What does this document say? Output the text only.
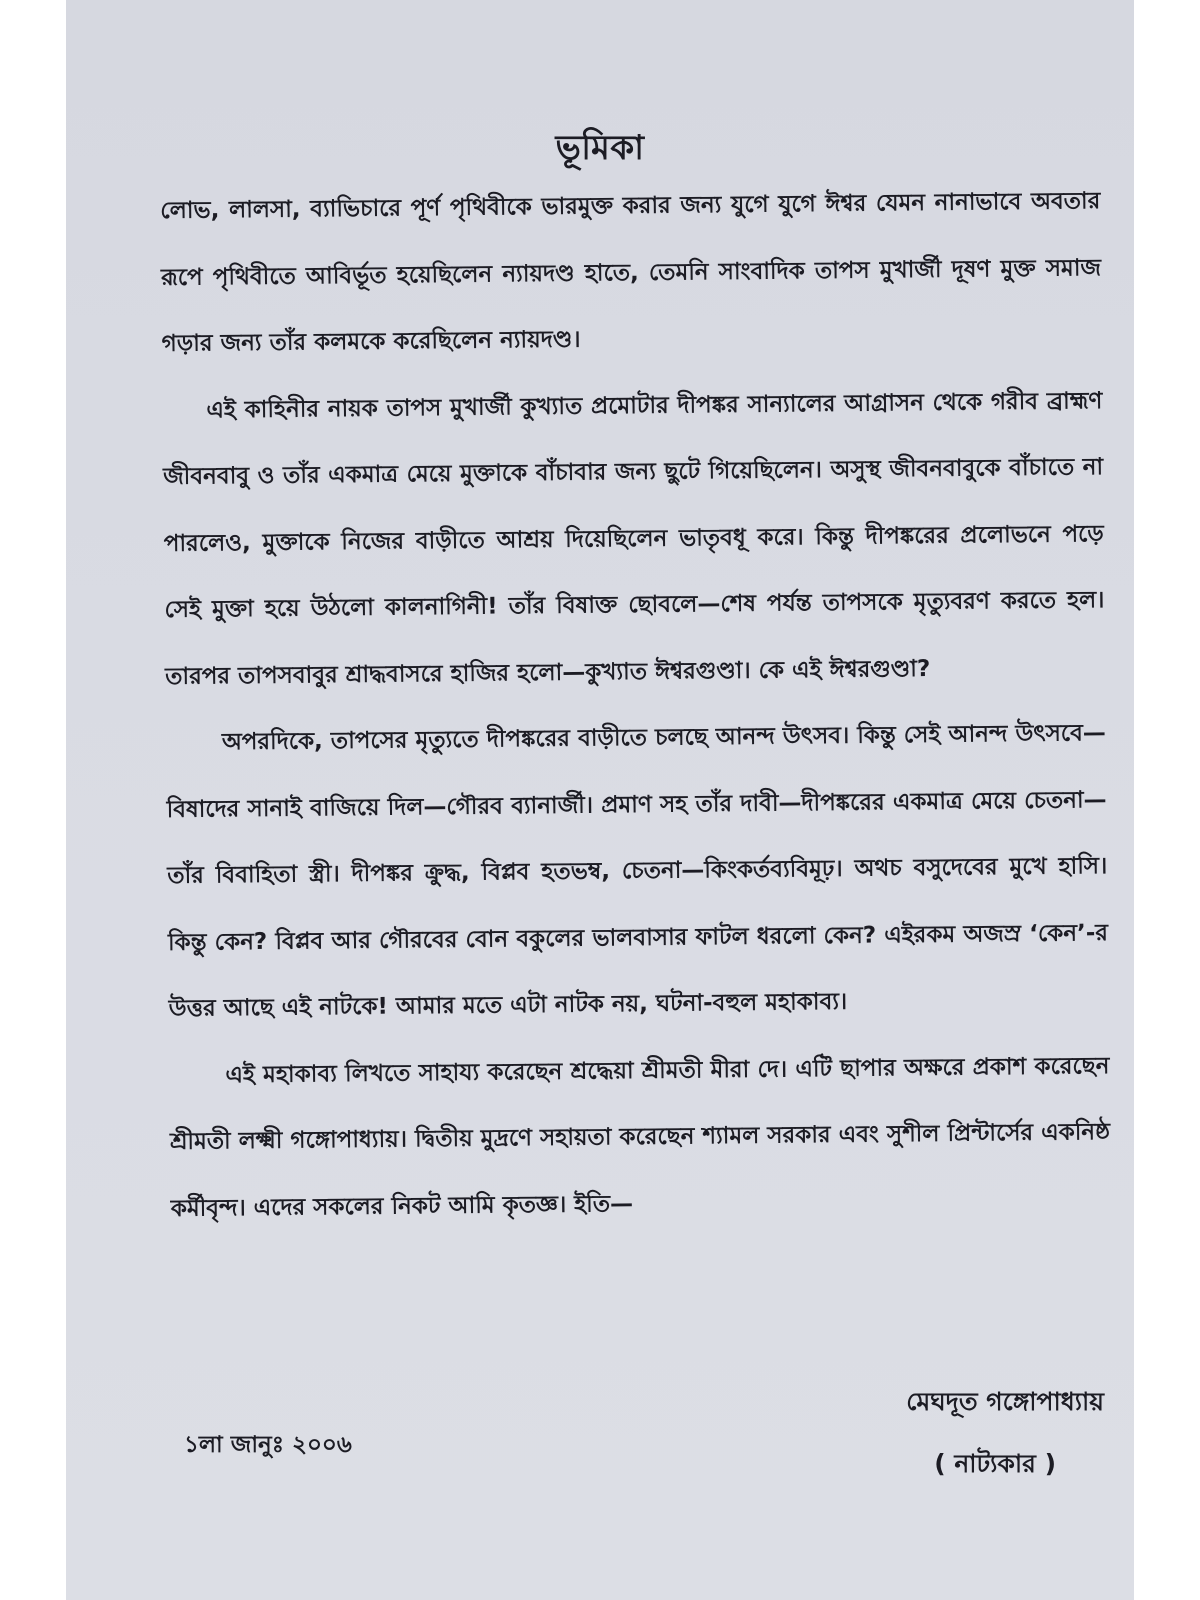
ভূমিকা

লোভ, লালসা, ব্যাভিচারে পূর্ণ পৃথিবীকে ভারমুক্ত করার জন্য যুগে যুগে ঈশ্বর যেমন নানাভাবে অবতার রূপে পৃথিবীতে আবির্ভূত হয়েছিলেন ন্যায়দণ্ড হাতে, তেমনি সাংবাদিক তাপস মুখার্জী দূষণ মুক্ত সমাজ গড়ার জন্য তাঁর কলমকে করেছিলেন ন্যায়দণ্ড।

এই কাহিনীর নায়ক তাপস মুখার্জী কুখ্যাত প্রমোটার দীপঙ্কর সান্যালের আগ্রাসন থেকে গরীব ব্রাহ্মণ জীবনবাবু ও তাঁর একমাত্র মেয়ে মুক্তাকে বাঁচাবার জন্য ছুটে গিয়েছিলেন। অসুস্থ জীবনবাবুকে বাঁচাতে না পারলেও, মুক্তাকে নিজের বাড়ীতে আশ্রয় দিয়েছিলেন ভাতৃবধূ করে। কিন্তু দীপঙ্করের প্রলোভনে পড়ে সেই মুক্তা হয়ে উঠলো কালনাগিনী! তাঁর বিষাক্ত ছোবলে—শেষ পর্যন্ত তাপসকে মৃত্যুবরণ করতে হল। তারপর তাপসবাবুর শ্রাদ্ধবাসরে হাজির হলো—কুখ্যাত ঈশ্বরগুণ্ডা। কে এই ঈশ্বরগুণ্ডা?

অপরদিকে, তাপসের মৃত্যুতে দীপঙ্করের বাড়ীতে চলছে আনন্দ উৎসব। কিন্তু সেই আনন্দ উৎসবে—বিষাদের সানাই বাজিয়ে দিল—গৌরব ব্যানার্জী। প্রমাণ সহ তাঁর দাবী—দীপঙ্করের একমাত্র মেয়ে চেতনা—তাঁর বিবাহিতা স্ত্রী। দীপঙ্কর ক্রুদ্ধ, বিপ্লব হতভম্ব, চেতনা—কিংকর্তব্যবিমূঢ়। অথচ বসুদেবের মুখে হাসি। কিন্তু কেন? বিপ্লব আর গৌরবের বোন বকুলের ভালবাসার ফাটল ধরলো কেন? এইরকম অজস্র ‘কেন’-র উত্তর আছে এই নাটকে! আমার মতে এটা নাটক নয়, ঘটনা-বহুল মহাকাব্য।

এই মহাকাব্য লিখতে সাহায্য করেছেন শ্রদ্ধেয়া শ্রীমতী মীরা দে। এটি ছাপার অক্ষরে প্রকাশ করেছেন শ্রীমতী লক্ষ্মী গঙ্গোপাধ্যায়। দ্বিতীয় মুদ্রণে সহায়তা করেছেন শ্যামল সরকার এবং সুশীল প্রিন্টার্সের একনিষ্ঠ কর্মীবৃন্দ। এদের সকলের নিকট আমি কৃতজ্ঞ। ইতি—

১লা জানুঃ ২০০৬
মেঘদূত গঙ্গোপাধ্যায়
( নাট্যকার )
